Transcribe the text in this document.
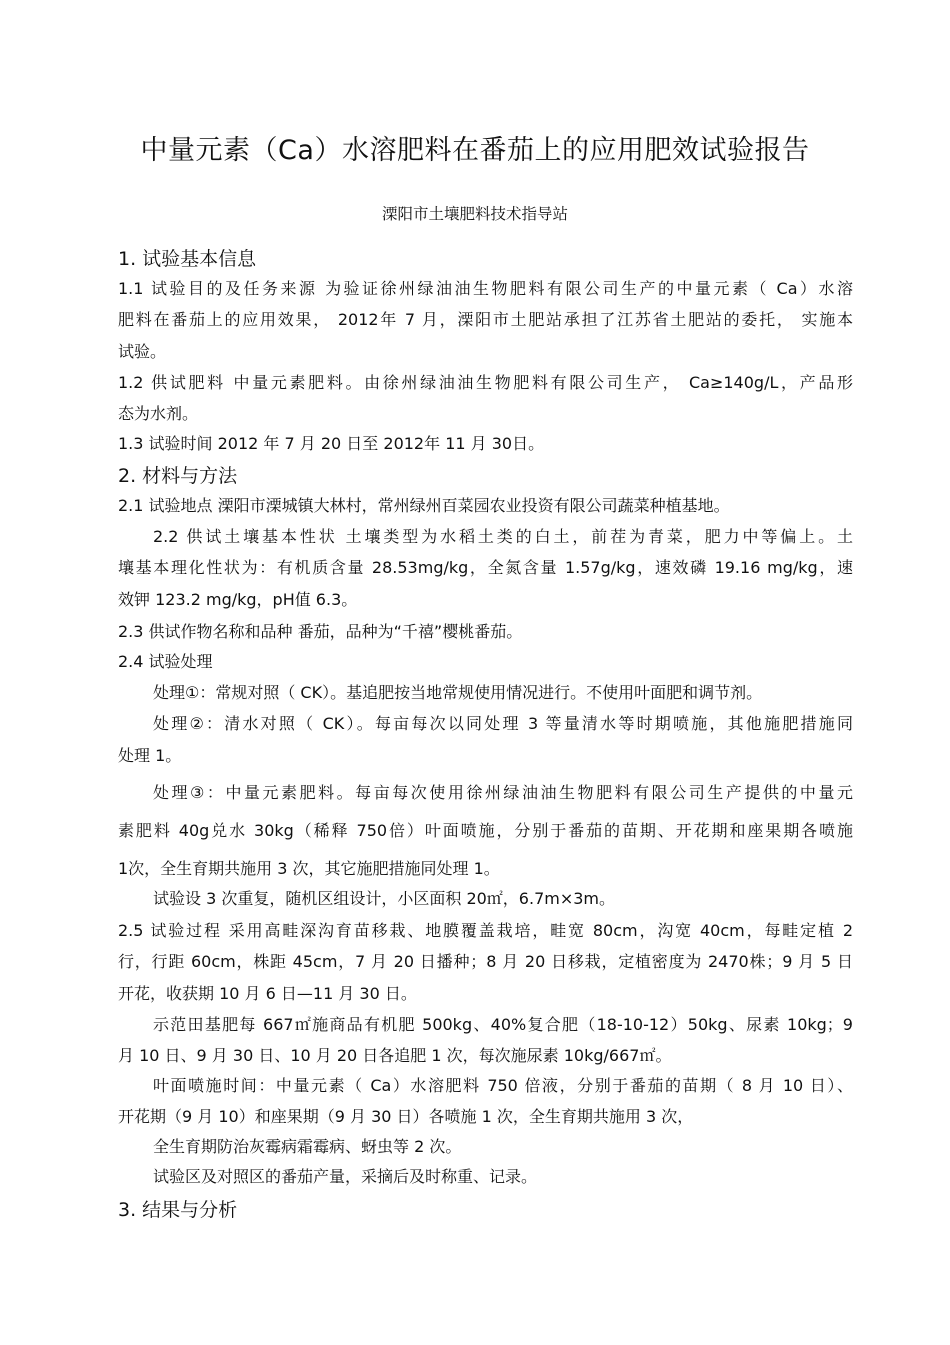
中量元素（Ca）水溶肥料在番茄上的应用肥效试验报告
溧阳市土壤肥料技术指导站
1. 试验基本信息
1.1 试验目的及任务来源 为验证徐州绿油油生物肥料有限公司生产的中量元素（ Ca）水溶
肥料在番茄上的应用效果， 2012年 7 月，溧阳市土肥站承担了江苏省土肥站的委托， 实施本
试验。
1.2 供试肥料 中量元素肥料。由徐州绿油油生物肥料有限公司生产， Ca≥140g/L，产品形
态为水剂。
1.3 试验时间 2012 年 7 月 20 日至 2012年 11 月 30日。
2. 材料与方法
2.1 试验地点 溧阳市溧城镇大林村，常州绿州百菜园农业投资有限公司蔬菜种植基地。
2.2 供试土壤基本性状 土壤类型为水稻土类的白土，前茬为青菜，肥力中等偏上。土
壤基本理化性状为：有机质含量 28.53mg/kg，全氮含量 1.57g/kg，速效磷 19.16 mg/kg，速
效钾 123.2 mg/kg，pH值 6.3。
2.3 供试作物名称和品种 番茄，品种为“千禧”樱桃番茄。
2.4 试验处理
处理①：常规对照（ CK）。基追肥按当地常规使用情况进行。不使用叶面肥和调节剂。
处理②：清水对照（ CK）。每亩每次以同处理 3 等量清水等时期喷施，其他施肥措施同
处理 1。
处理③：中量元素肥料。每亩每次使用徐州绿油油生物肥料有限公司生产提供的中量元
素肥料 40g兑水 30kg（稀释 750倍）叶面喷施，分别于番茄的苗期、开花期和座果期各喷施
1次，全生育期共施用 3 次，其它施肥措施同处理 1。
试验设 3 次重复，随机区组设计，小区面积 20㎡，6.7m×3m。
2.5 试验过程 采用高畦深沟育苗移栽、地膜覆盖栽培，畦宽 80cm，沟宽 40cm，每畦定植 2
行，行距 60cm，株距 45cm，7 月 20 日播种；8 月 20 日移栽，定植密度为 2470株；9 月 5 日
开花，收获期 10 月 6 日—11 月 30 日。
示范田基肥每 667㎡施商品有机肥 500kg、40%复合肥（18-10-12）50kg、尿素 10kg；9
月 10 日、9 月 30 日、10 月 20 日各追肥 1 次，每次施尿素 10kg/667㎡。
叶面喷施时间：中量元素（ Ca）水溶肥料 750 倍液，分别于番茄的苗期（ 8 月 10 日）、
开花期（9 月 10）和座果期（9 月 30 日）各喷施 1 次，全生育期共施用 3 次，
全生育期防治灰霉病霜霉病、蚜虫等 2 次。
试验区及对照区的番茄产量，采摘后及时称重、记录。
3. 结果与分析
